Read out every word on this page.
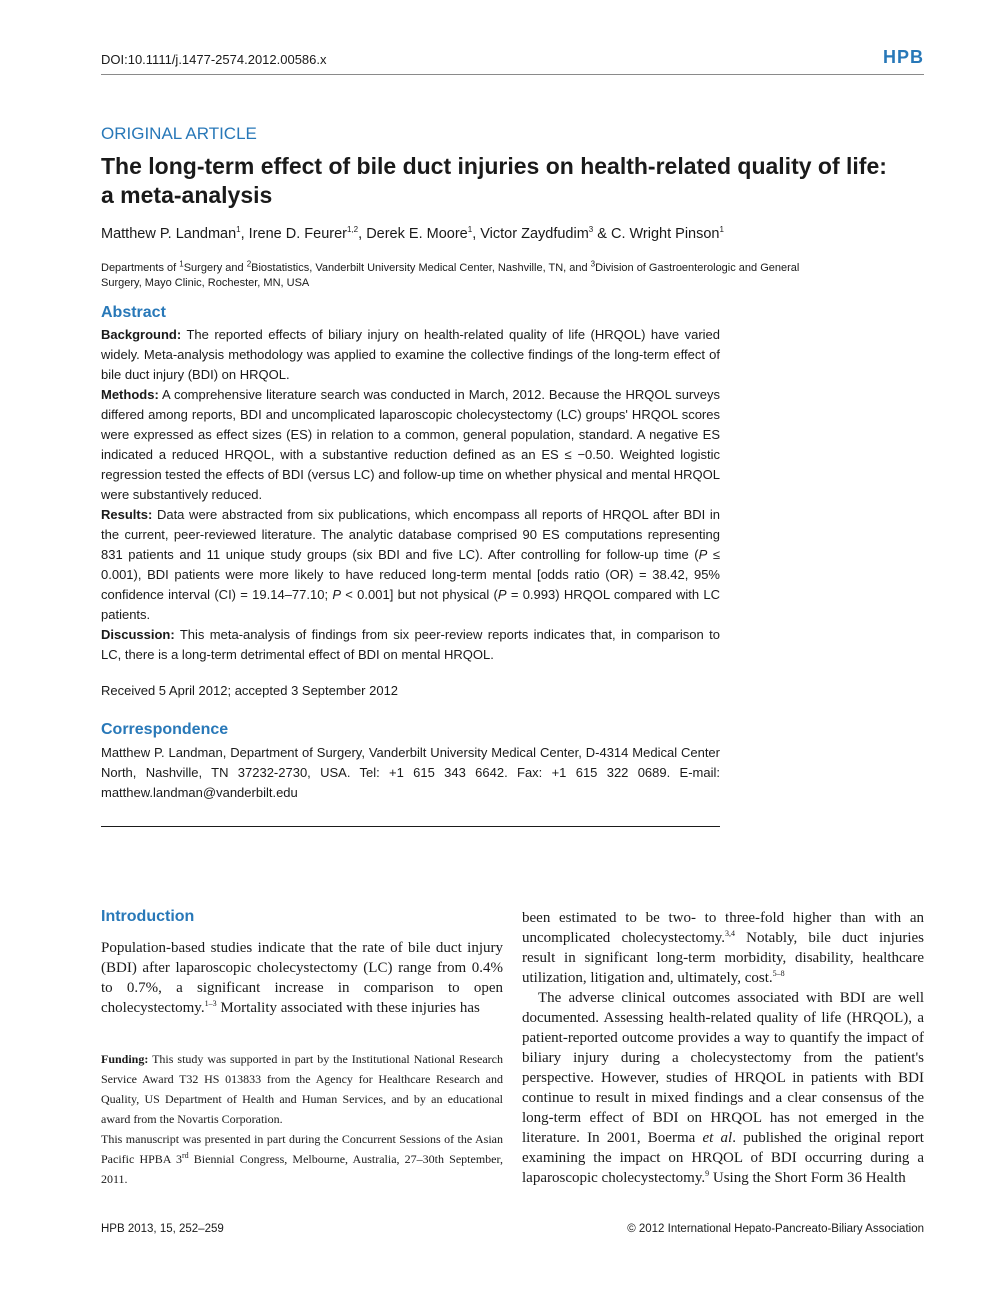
DOI:10.1111/j.1477-2574.2012.00586.x	HPB
ORIGINAL ARTICLE
The long-term effect of bile duct injuries on health-related quality of life: a meta-analysis
Matthew P. Landman$^1$, Irene D. Feurer$^{1,2}$, Derek E. Moore$^1$, Victor Zaydfudim$^3$ & C. Wright Pinson$^1$
Departments of $^1$Surgery and $^2$Biostatistics, Vanderbilt University Medical Center, Nashville, TN, and $^3$Division of Gastroenterologic and General Surgery, Mayo Clinic, Rochester, MN, USA
Abstract

Background: The reported effects of biliary injury on health-related quality of life (HRQOL) have varied widely. Meta-analysis methodology was applied to examine the collective findings of the long-term effect of bile duct injury (BDI) on HRQOL.

Methods: A comprehensive literature search was conducted in March, 2012. Because the HRQOL surveys differed among reports, BDI and uncomplicated laparoscopic cholecystectomy (LC) groups' HRQOL scores were expressed as effect sizes (ES) in relation to a common, general population, standard. A negative ES indicated a reduced HRQOL, with a substantive reduction defined as an ES ≤ −0.50. Weighted logistic regression tested the effects of BDI (versus LC) and follow-up time on whether physical and mental HRQOL were substantively reduced.

Results: Data were abstracted from six publications, which encompass all reports of HRQOL after BDI in the current, peer-reviewed literature. The analytic database comprised 90 ES computations representing 831 patients and 11 unique study groups (six BDI and five LC). After controlling for follow-up time (P ≤ 0.001), BDI patients were more likely to have reduced long-term mental [odds ratio (OR) = 38.42, 95% confidence interval (CI) = 19.14–77.10; P < 0.001] but not physical (P = 0.993) HRQOL compared with LC patients.

Discussion: This meta-analysis of findings from six peer-review reports indicates that, in comparison to LC, there is a long-term detrimental effect of BDI on mental HRQOL.

Received 5 April 2012; accepted 3 September 2012
Correspondence
Matthew P. Landman, Department of Surgery, Vanderbilt University Medical Center, D-4314 Medical Center North, Nashville, TN 37232-2730, USA. Tel: +1 615 343 6642. Fax: +1 615 322 0689. E-mail: matthew.landman@vanderbilt.edu
Introduction

Population-based studies indicate that the rate of bile duct injury (BDI) after laparoscopic cholecystectomy (LC) range from 0.4% to 0.7%, a significant increase in comparison to open cholecystectomy.$^{1-3}$ Mortality associated with these injuries has

Funding: This study was supported in part by the Institutional National Research Service Award T32 HS 013833 from the Agency for Healthcare Research and Quality, US Department of Health and Human Services, and by an educational award from the Novartis Corporation.

This manuscript was presented in part during the Concurrent Sessions of the Asian Pacific HPBA 3rd Biennial Congress, Melbourne, Australia, 27–30th September, 2011.

been estimated to be two- to three-fold higher than with an uncomplicated cholecystectomy.$^{3,4}$ Notably, bile duct injuries result in significant long-term morbidity, disability, healthcare utilization, litigation and, ultimately, cost.$^{5-8}$

The adverse clinical outcomes associated with BDI are well documented. Assessing health-related quality of life (HRQOL), a patient-reported outcome provides a way to quantify the impact of biliary injury during a cholecystectomy from the patient's perspective. However, studies of HRQOL in patients with BDI continue to result in mixed findings and a clear consensus of the long-term effect of BDI on HRQOL has not emerged in the literature. In 2001, Boerma et al. published the original report examining the impact on HRQOL of BDI occurring during a laparoscopic cholecystectomy.$^9$ Using the Short Form 36 Health

HPB 2013, 15, 252–259	© 2012 International Hepato-Pancreato-Biliary Association
